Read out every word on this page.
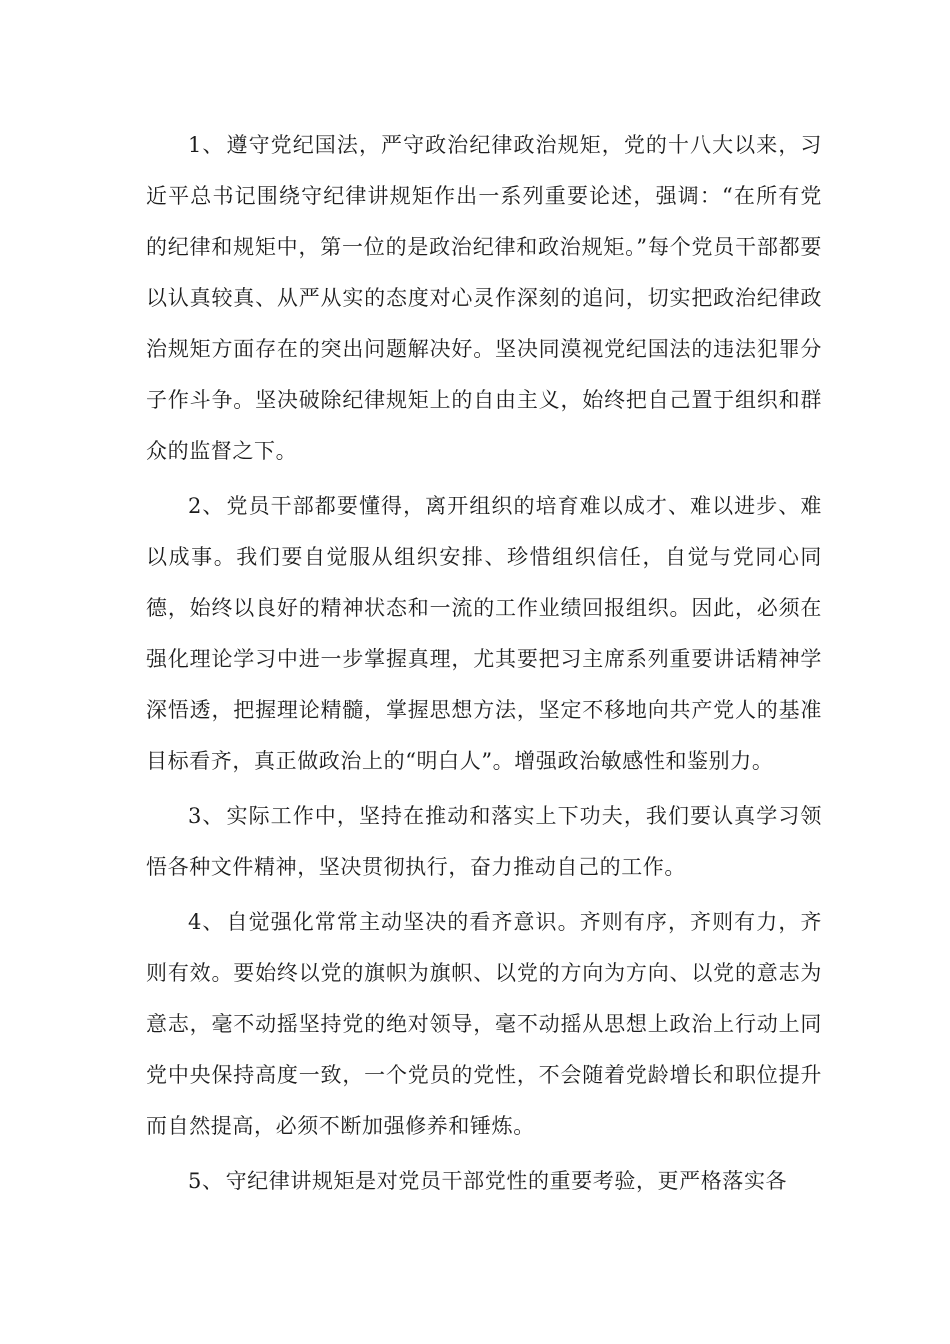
1、遵守党纪国法，严守政治纪律政治规矩，党的十八大以来，习近平总书记围绕守纪律讲规矩作出一系列重要论述，强调：“在所有党的纪律和规矩中，第一位的是政治纪律和政治规矩。”每个党员干部都要以认真较真、从严从实的态度对心灵作深刻的追问，切实把政治纪律政治规矩方面存在的突出问题解决好。坚决同漠视党纪国法的违法犯罪分子作斗争。坚决破除纪律规矩上的自由主义，始终把自己置于组织和群众的监督之下。

2、党员干部都要懂得，离开组织的培育难以成才、难以进步、难以成事。我们要自觉服从组织安排、珍惜组织信任，自觉与党同心同德，始终以良好的精神状态和一流的工作业绩回报组织。因此，必须在强化理论学习中进一步掌握真理，尤其要把习主席系列重要讲话精神学深悟透，把握理论精髓，掌握思想方法，坚定不移地向共产党人的基准目标看齐，真正做政治上的“明白人”。增强政治敏感性和鉴别力。

3、实际工作中，坚持在推动和落实上下功夫，我们要认真学习领悟各种文件精神，坚决贯彻执行，奋力推动自己的工作。

4、自觉强化常常主动坚决的看齐意识。齐则有序，齐则有力，齐则有效。要始终以党的旗帜为旗帜、以党的方向为方向、以党的意志为意志，毫不动摇坚持党的绝对领导，毫不动摇从思想上政治上行动上同党中央保持高度一致，一个党员的党性，不会随着党龄增长和职位提升而自然提高，必须不断加强修养和锤炼。

5、守纪律讲规矩是对党员干部党性的重要考验，更严格落实各
